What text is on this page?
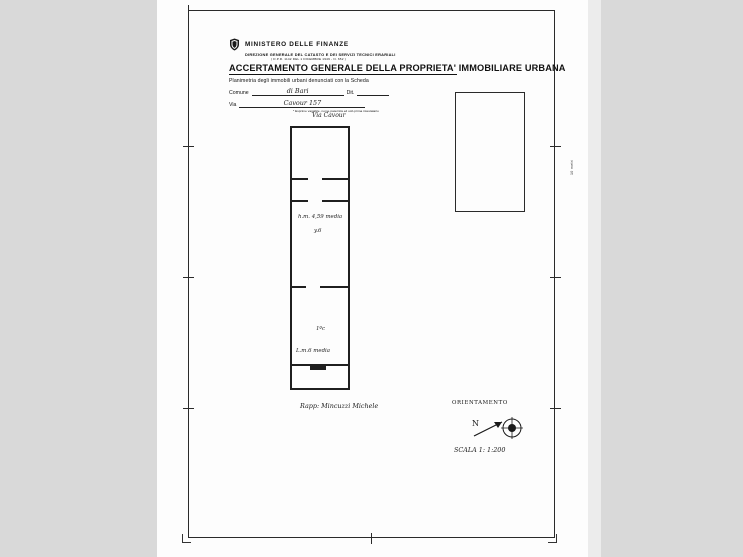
MINISTERO DELLE FINANZE
DIREZIONE GENERALE DEL CATASTO E DEI SERVIZI TECNICI ERARIALI
( D.P.R. 1142 DEL 1 DICEMBRE 1949 - N. 652 )
ACCERTAMENTO GENERALE DELLA PROPRIETA' IMMOBILIARE URBANA
Planimetria degli immobili urbani denunciati con la Scheda
Comune	di Bari	Dit.
Via	Cavour 157
* Esprime vagabile, nome,paternità ed usb.prima intestatario
10 metri
Via Cavour
h.m. 4,59 media
y.6
1ºc
L.m.6 media
Rapp: Mincuzzi Michele	ORIENTAMENTO
N
SCALA 1: 1:200
